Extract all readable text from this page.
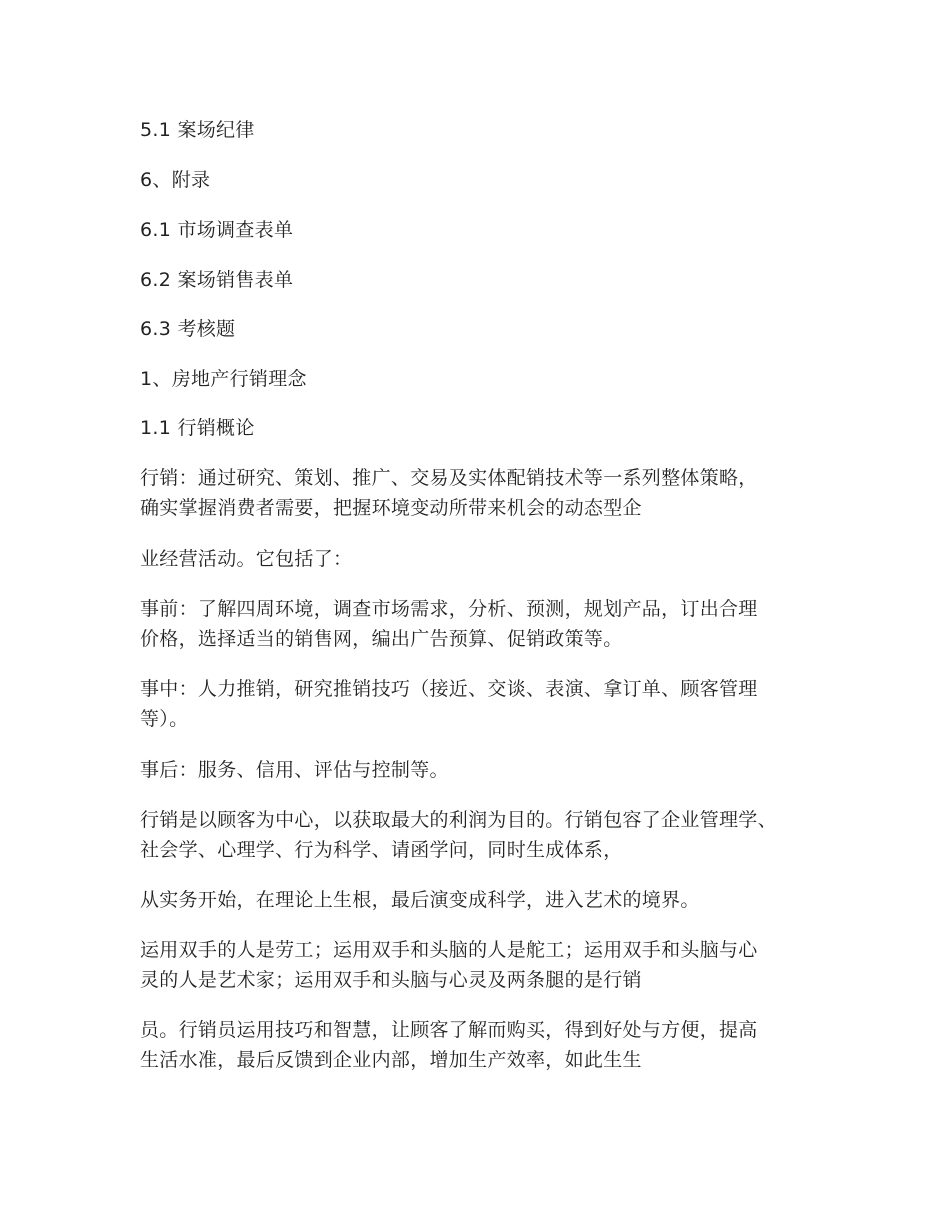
5.1 案场纪律
6、附录
6.1 市场调查表单
6.2 案场销售表单
6.3 考核题
1、房地产行销理念
1.1 行销概论
行销：通过研究、策划、推广、交易及实体配销技术等一系列整体策略，
确实掌握消费者需要，把握环境变动所带来机会的动态型企
业经营活动。它包括了：
事前：了解四周环境，调查市场需求，分析、预测，规划产品，订出合理
价格，选择适当的销售网，编出广告预算、促销政策等。
事中：人力推销，研究推销技巧（接近、交谈、表演、拿订单、顾客管理
等）。
事后：服务、信用、评估与控制等。
行销是以顾客为中心，以获取最大的利润为目的。行销包容了企业管理学、
社会学、心理学、行为科学、请函学问，同时生成体系，
从实务开始，在理论上生根，最后演变成科学，进入艺术的境界。
运用双手的人是劳工；运用双手和头脑的人是舵工；运用双手和头脑与心
灵的人是艺术家；运用双手和头脑与心灵及两条腿的是行销
员。行销员运用技巧和智慧，让顾客了解而购买，得到好处与方便，提高
生活水准，最后反馈到企业内部，增加生产效率，如此生生
